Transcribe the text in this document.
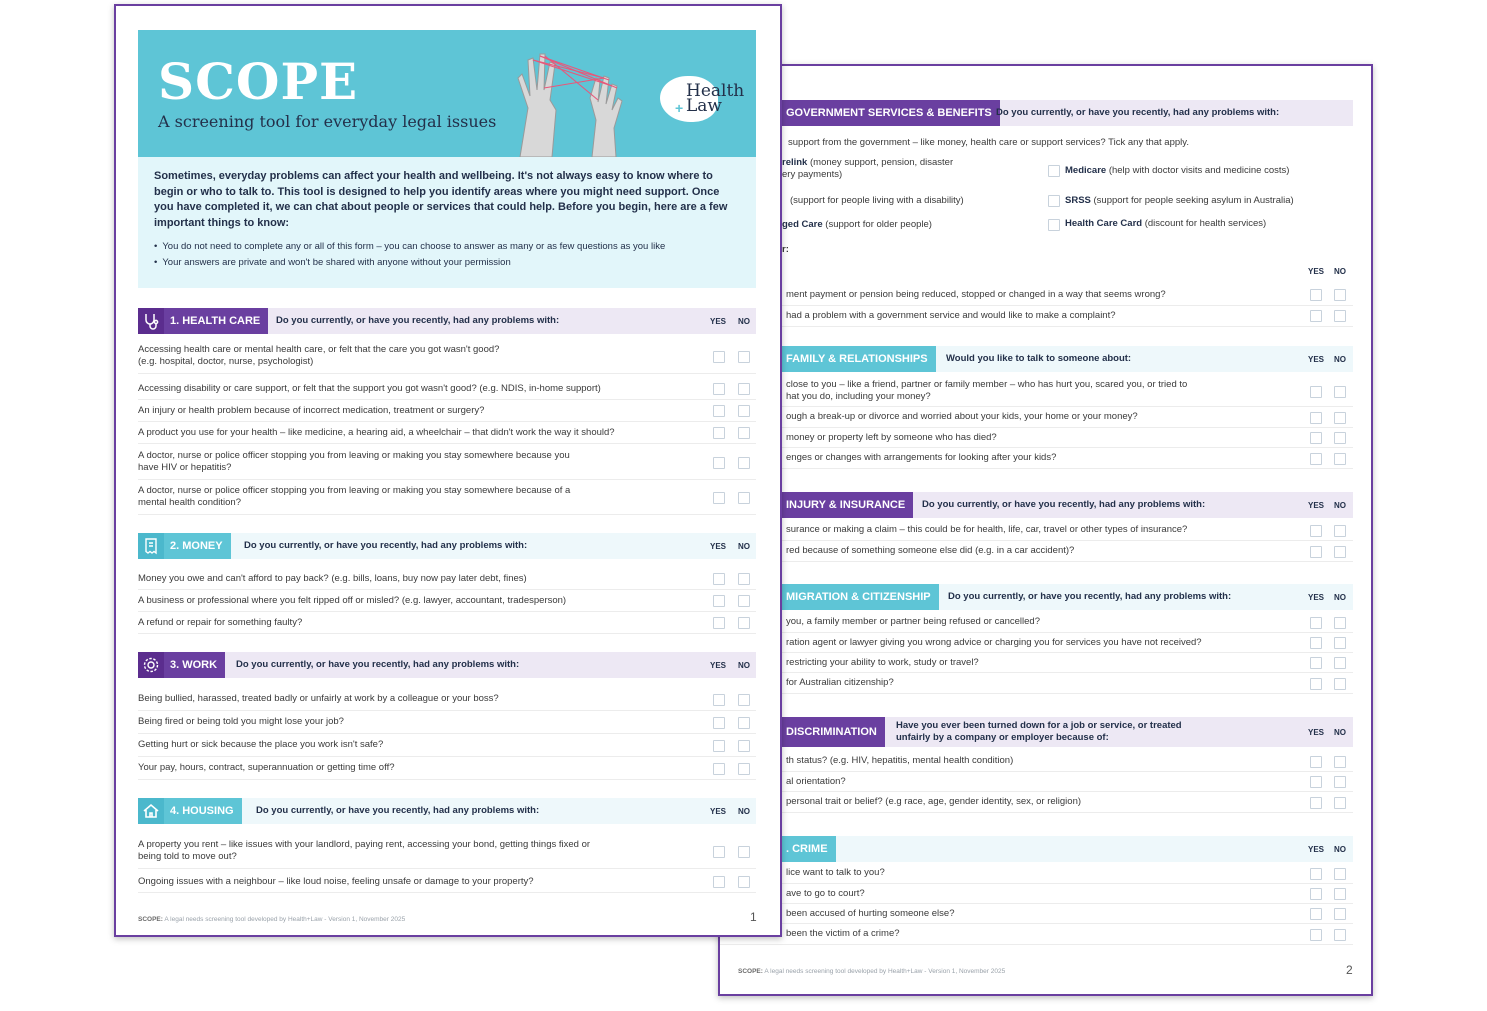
GOVERNMENT SERVICES & BENEFITS Do you currently, or have you recently, had any problems with:
support from the government – like money, health care or support services? Tick any that apply.
relink (money support, pension, disaster
ery payments)	Medicare (help with doctor visits and medicine costs)
(support for people living with a disability)	SRSS (support for people seeking asylum in Australia)
ged Care (support for older people)	Health Care Card (discount for health services)
r:
YES NO
ment payment or pension being reduced, stopped or changed in a way that seems wrong?
had a problem with a government service and would like to make a complaint?
FAMILY & RELATIONSHIPS	Would you like to talk to someone about:	YES NO
close to you – like a friend, partner or family member – who has hurt you, scared you, or tried to
hat you do, including your money?
ough a break-up or divorce and worried about your kids, your home or your money?
money or property left by someone who has died?
enges or changes with arrangements for looking after your kids?
INJURY & INSURANCE	Do you currently, or have you recently, had any problems with:	YES NO
surance or making a claim – this could be for health, life, car, travel or other types of insurance?
red because of something someone else did (e.g. in a car accident)?
MIGRATION & CITIZENSHIP	Do you currently, or have you recently, had any problems with:	YES NO
you, a family member or partner being refused or cancelled?
ration agent or lawyer giving you wrong advice or charging you for services you have not received?
restricting your ability to work, study or travel?
for Australian citizenship?
DISCRIMINATION
Have you ever been turned down for a job or service, or treated
unfairly by a company or employer because of:	YES NO
th status? (e.g. HIV, hepatitis, mental health condition)
al orientation?
personal trait or belief? (e.g race, age, gender identity, sex, or religion)
. CRIME	YES NO
lice want to talk to you?
ave to go to court?
been accused of hurting someone else?
been the victim of a crime?
SCOPE: A legal needs screening tool developed by Health+Law - Version 1, November 2025	2
SCOPE
A screening tool for everyday legal issues
Health
Law
+

Sometimes, everyday problems can affect your health and wellbeing. It's not always easy to know where to begin or who to talk to. This tool is designed to help you identify areas where you might need support. Once you have completed it, we can chat about people or services that could help. Before you begin, here are a few important things to know:

• You do not need to complete any or all of this form – you can choose to answer as many or as few questions as you like
• Your answers are private and won't be shared with anyone without your permission
1. HEALTH CARE	Do you currently, or have you recently, had any problems with:	YES NO
Accessing health care or mental health care, or felt that the care you got wasn't good?
(e.g. hospital, doctor, nurse, psychologist)
Accessing disability or care support, or felt that the support you got wasn't good? (e.g. NDIS, in-home support)
An injury or health problem because of incorrect medication, treatment or surgery?
A product you use for your health – like medicine, a hearing aid, a wheelchair – that didn't work the way it should?
A doctor, nurse or police officer stopping you from leaving or making you stay somewhere because you
have HIV or hepatitis?
A doctor, nurse or police officer stopping you from leaving or making you stay somewhere because of a
mental health condition?
2. MONEY	Do you currently, or have you recently, had any problems with:	YES NO
Money you owe and can't afford to pay back? (e.g. bills, loans, buy now pay later debt, fines)
A business or professional where you felt ripped off or misled? (e.g. lawyer, accountant, tradesperson)
A refund or repair for something faulty?
3. WORK	Do you currently, or have you recently, had any problems with:	YES NO
Being bullied, harassed, treated badly or unfairly at work by a colleague or your boss?
Being fired or being told you might lose your job?
Getting hurt or sick because the place you work isn't safe?
Your pay, hours, contract, superannuation or getting time off?
4. HOUSING	Do you currently, or have you recently, had any problems with:	YES NO
A property you rent – like issues with your landlord, paying rent, accessing your bond, getting things fixed or
being told to move out?
Ongoing issues with a neighbour – like loud noise, feeling unsafe or damage to your property?
SCOPE: A legal needs screening tool developed by Health+Law - Version 1, November 2025	1
